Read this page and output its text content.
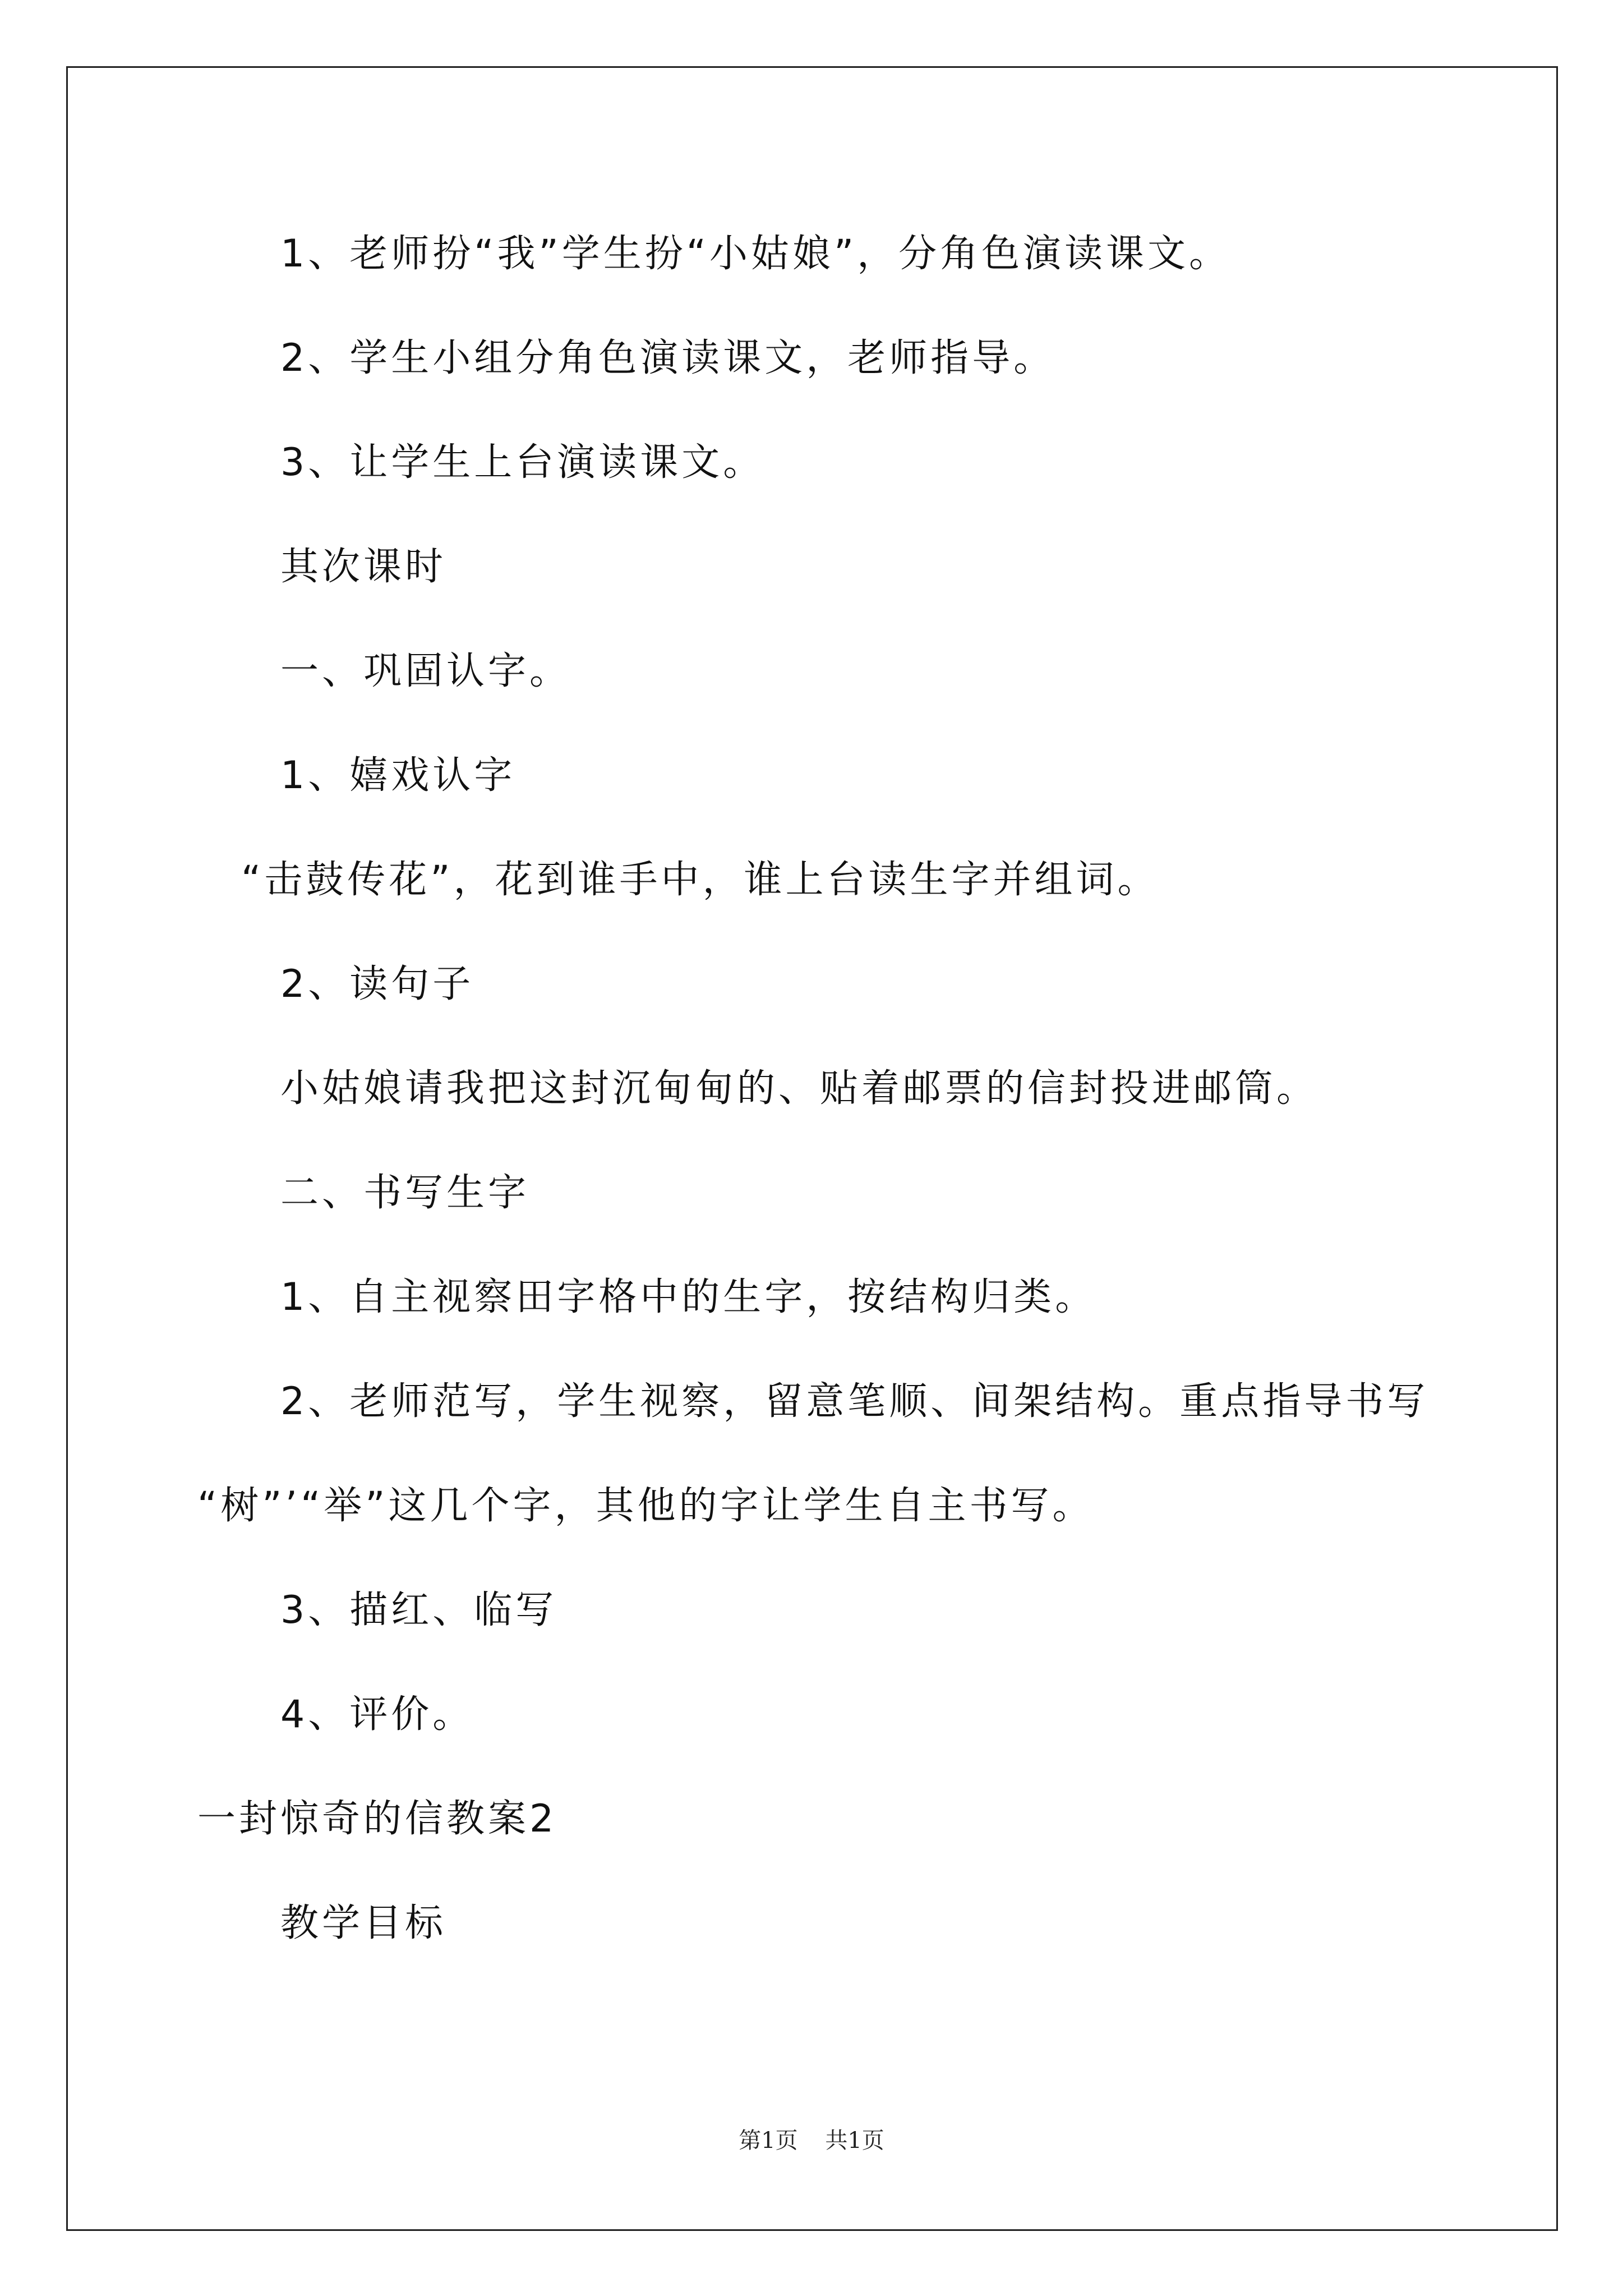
1、老师扮“我”学生扮“小姑娘”，分角色演读课文。
2、学生小组分角色演读课文，老师指导。
3、让学生上台演读课文。
其次课时
一、巩固认字。
1、嬉戏认字
“击鼓传花”，花到谁手中，谁上台读生字并组词。
2、读句子
小姑娘请我把这封沉甸甸的、贴着邮票的信封投进邮筒。
二、书写生字
1、自主视察田字格中的生字，按结构归类。
2、老师范写，学生视察，留意笔顺、间架结构。重点指导书写
“树”’“举”这几个字，其他的字让学生自主书写。
3、描红、临写
4、评价。
一封惊奇的信教案2
教学目标
第1页 共1页
